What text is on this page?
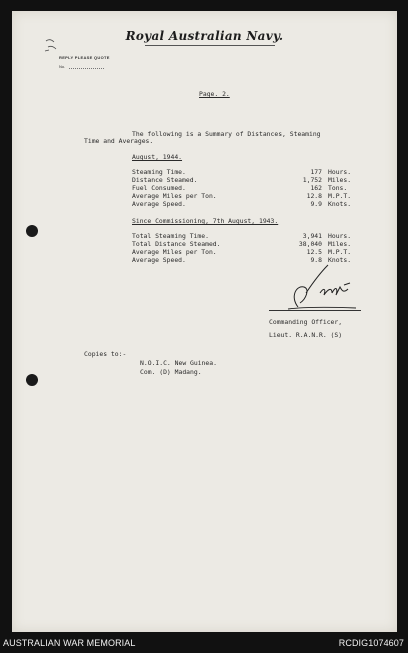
Royal Australian Navy.
REPLY PLEASE QUOTE
No.
Page. 2.
The following is a Summary of Distances, Steaming
Time and Averages.
August, 1944.
Steaming Time.	177 Hours.
Distance Steamed.	1,752 Miles.
Fuel Consumed.	162 Tons.
Average Miles per Ton.	12.8 M.P.T.
Average Speed.	9.9 Knots.
Since Commissioning, 7th August, 1943.
Total Steaming Time.	3,941 Hours.
Total Distance Steamed.	38,040 Miles.
Average Miles per Ton.	12.5 M.P.T.
Average Speed.	9.8 Knots.
Commanding Officer,
Lieut. R.A.N.R. (S)
Copies to:-
N.O.I.C. New Guinea.
Com. (D) Madang.
AUSTRALIAN WAR MEMORIAL	RCDIG1074607
